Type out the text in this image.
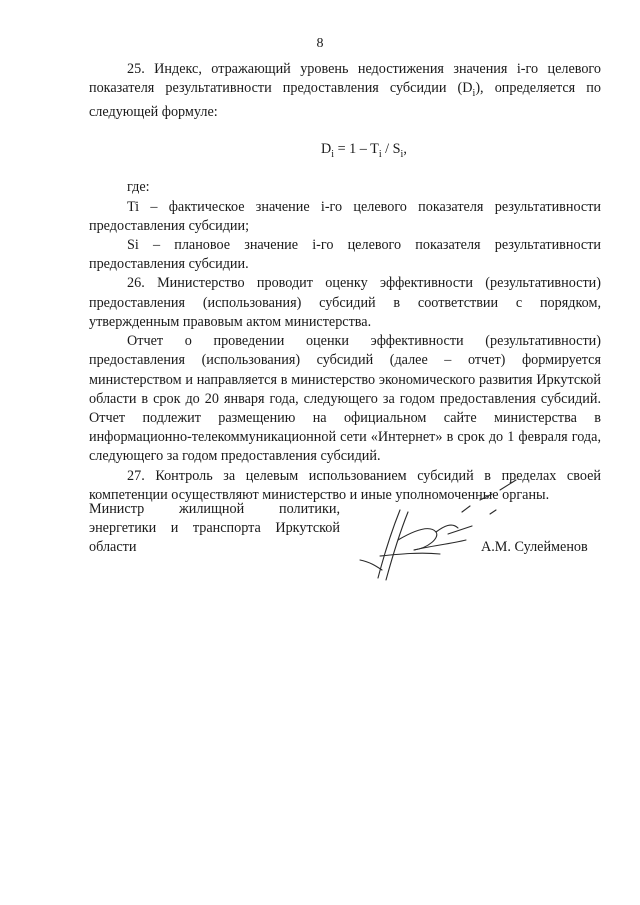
8

25. Индекс, отражающий уровень недостижения значения i-го целевого показателя результативности предоставления субсидии $(D_i)$, определяется по следующей формуле:

$D_i = 1 - T_i / S_i$,

где:

Ti – фактическое значение i-го целевого показателя результативности предоставления субсидии;

Si – плановое значение i-го целевого показателя результативности предоставления субсидии.

26. Министерство проводит оценку эффективности (результативности) предоставления (использования) субсидий в соответствии с порядком, утвержденным правовым актом министерства.

Отчет о проведении оценки эффективности (результативности) предоставления (использования) субсидий (далее – отчет) формируется министерством и направляется в министерство экономического развития Иркутской области в срок до 20 января года, следующего за годом предоставления субсидий. Отчет подлежит размещению на официальном сайте министерства в информационно-телекоммуникационной сети «Интернет» в срок до 1 февраля года, следующего за годом предоставления субсидий.

27. Контроль за целевым использованием субсидий в пределах своей компетенции осуществляют министерство и иные уполномоченные органы.

Министр жилищной политики,
энергетики и транспорта Иркутской
области	А.М. Сулейменов
